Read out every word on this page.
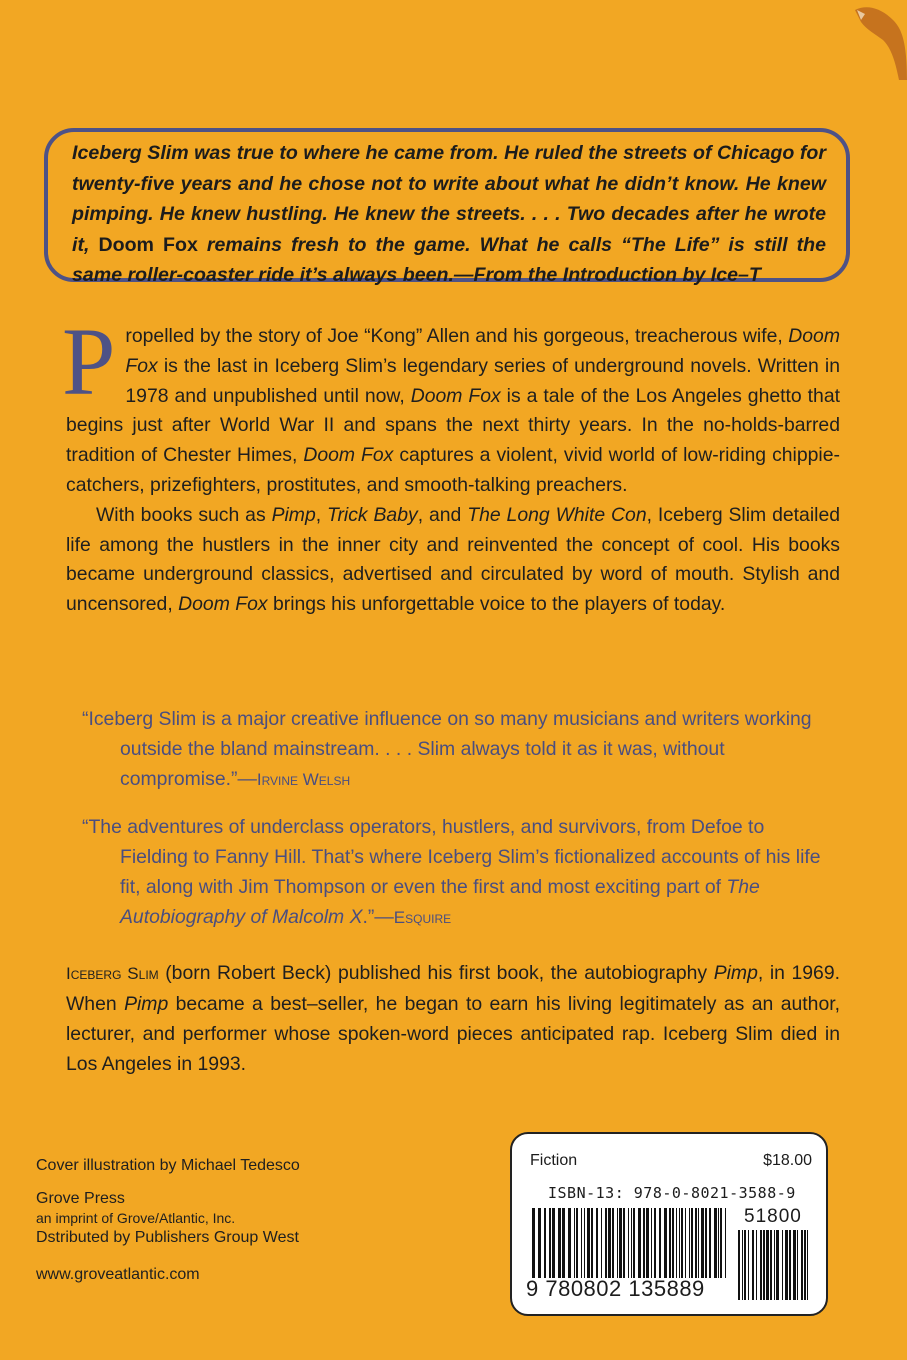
Iceberg Slim was true to where he came from. He ruled the streets of Chicago for twenty-five years and he chose not to write about what he didn’t know. He knew pimping. He knew hustling. He knew the streets. . . . Two decades after he wrote it, Doom Fox remains fresh to the game. What he calls “The Life” is still the same roller-coaster ride it’s always been.—From the Introduction by Ice–T

Propelled by the story of Joe “Kong” Allen and his gorgeous, treacherous wife, Doom Fox is the last in Iceberg Slim’s legendary series of underground novels. Written in 1978 and unpublished until now, Doom Fox is a tale of the Los Angeles ghetto that begins just after World War II and spans the next thirty years. In the no-holds-barred tradition of Chester Himes, Doom Fox captures a violent, vivid world of low-riding chippie-catchers, prizefighters, prostitutes, and smooth-talking preachers.

With books such as Pimp, Trick Baby, and The Long White Con, Iceberg Slim detailed life among the hustlers in the inner city and reinvented the concept of cool. His books became underground classics, advertised and circulated by word of mouth. Stylish and uncensored, Doom Fox brings his unforgettable voice to the players of today.

“Iceberg Slim is a major creative influence on so many musicians and writers working outside the bland mainstream. . . . Slim always told it as it was, without compromise.”—Irvine Welsh

“The adventures of underclass operators, hustlers, and survivors, from Defoe to Fielding to Fanny Hill. That’s where Iceberg Slim’s fictionalized accounts of his life fit, along with Jim Thompson or even the first and most exciting part of The Autobiography of Malcolm X.”—Esquire

Iceberg Slim (born Robert Beck) published his first book, the autobiography Pimp, in 1969. When Pimp became a best–seller, he began to earn his living legitimately as an author, lecturer, and performer whose spoken-word pieces anticipated rap. Iceberg Slim died in Los Angeles in 1993.

Cover illustration by Michael Tedesco
Grove Press
an imprint of Grove/Atlantic, Inc.
Dstributed by Publishers Group West
www.groveatlantic.com
Fiction	$18.00
ISBN-13: 978-0-8021-3588-9
51800
9 780802 135889
